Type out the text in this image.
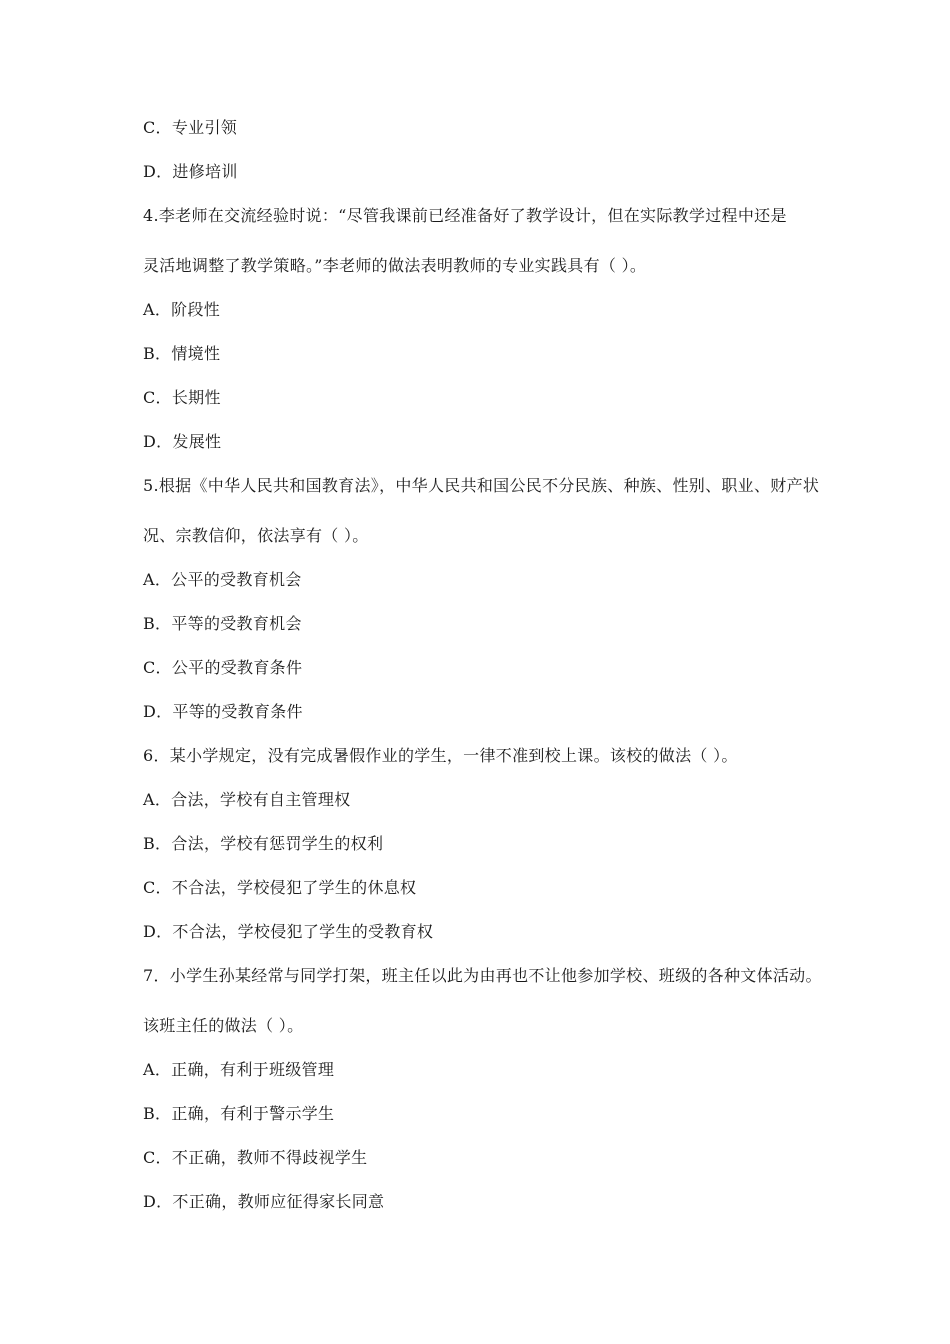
C．专业引领
D．进修培训
4.李老师在交流经验时说：“尽管我课前已经准备好了教学设计，但在实际教学过程中还是
灵活地调整了教学策略。”李老师的做法表明教师的专业实践具有（ ）。
A．阶段性
B．情境性
C．长期性
D．发展性
5.根据《中华人民共和国教育法》，中华人民共和国公民不分民族、种族、性别、职业、财产状
况、宗教信仰，依法享有（ ）。
A．公平的受教育机会
B．平等的受教育机会
C．公平的受教育条件
D．平等的受教育条件
6．某小学规定，没有完成暑假作业的学生，一律不准到校上课。该校的做法（ ）。
A．合法，学校有自主管理权
B．合法，学校有惩罚学生的权利
C．不合法，学校侵犯了学生的休息权
D．不合法，学校侵犯了学生的受教育权
7．小学生孙某经常与同学打架，班主任以此为由再也不让他参加学校、班级的各种文体活动。
该班主任的做法（ ）。
A．正确，有利于班级管理
B．正确，有利于警示学生
C．不正确，教师不得歧视学生
D．不正确，教师应征得家长同意
